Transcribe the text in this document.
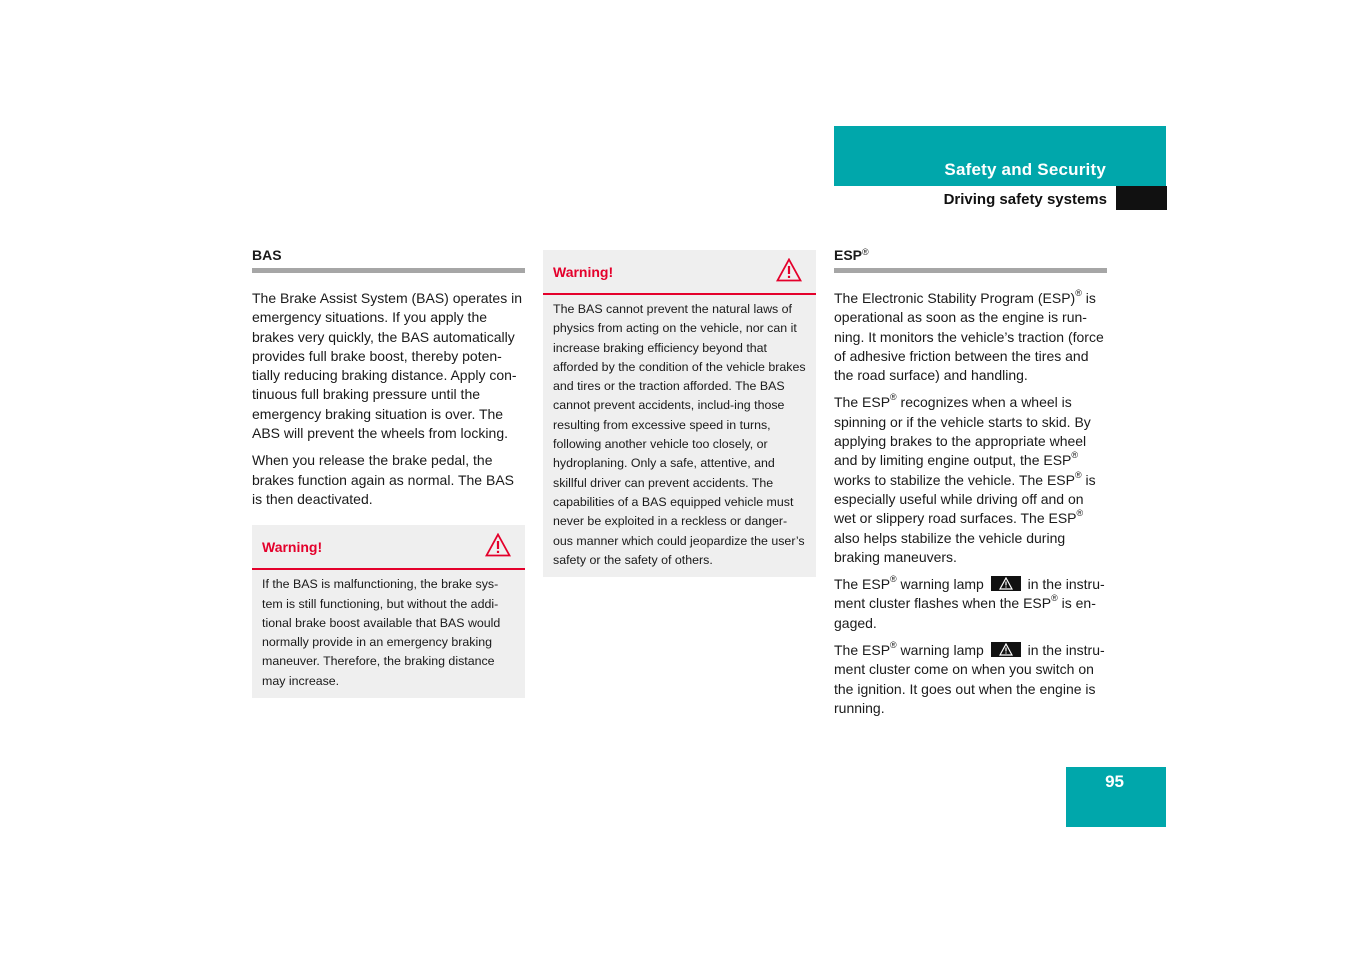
Safety and Security
Driving safety systems
BAS

The Brake Assist System (BAS) operates in emergency situations. If you apply the brakes very quickly, the BAS automatically provides full brake boost, thereby poten-tially reducing braking distance. Apply con-tinuous full braking pressure until the emergency braking situation is over. The ABS will prevent the wheels from locking.

When you release the brake pedal, the brakes function again as normal. The BAS is then deactivated.

Warning!
If the BAS is malfunctioning, the brake sys-tem is still functioning, but without the addi-tional brake boost available that BAS would normally provide in an emergency braking maneuver. Therefore, the braking distance may increase.
Warning!
The BAS cannot prevent the natural laws of physics from acting on the vehicle, nor can it increase braking efficiency beyond that afforded by the condition of the vehicle brakes and tires or the traction afforded. The BAS cannot prevent accidents, includ-ing those resulting from excessive speed in turns, following another vehicle too closely, or hydroplaning. Only a safe, attentive, and skillful driver can prevent accidents. The capabilities of a BAS equipped vehicle must never be exploited in a reckless or danger-ous manner which could jeopardize the user’s safety or the safety of others.
ESP®

The Electronic Stability Program (ESP)® is operational as soon as the engine is run-ning. It monitors the vehicle’s traction (force of adhesive friction between the tires and the road surface) and handling.

The ESP® recognizes when a wheel is spinning or if the vehicle starts to skid. By applying brakes to the appropriate wheel and by limiting engine output, the ESP® works to stabilize the vehicle. The ESP® is especially useful while driving off and on wet or slippery road surfaces. The ESP® also helps stabilize the vehicle during braking maneuvers.

The ESP® warning lamp	in the instru-ment cluster flashes when the ESP® is en-gaged.

The ESP® warning lamp	in the instru-ment cluster come on when you switch on the ignition. It goes out when the engine is running.

95
